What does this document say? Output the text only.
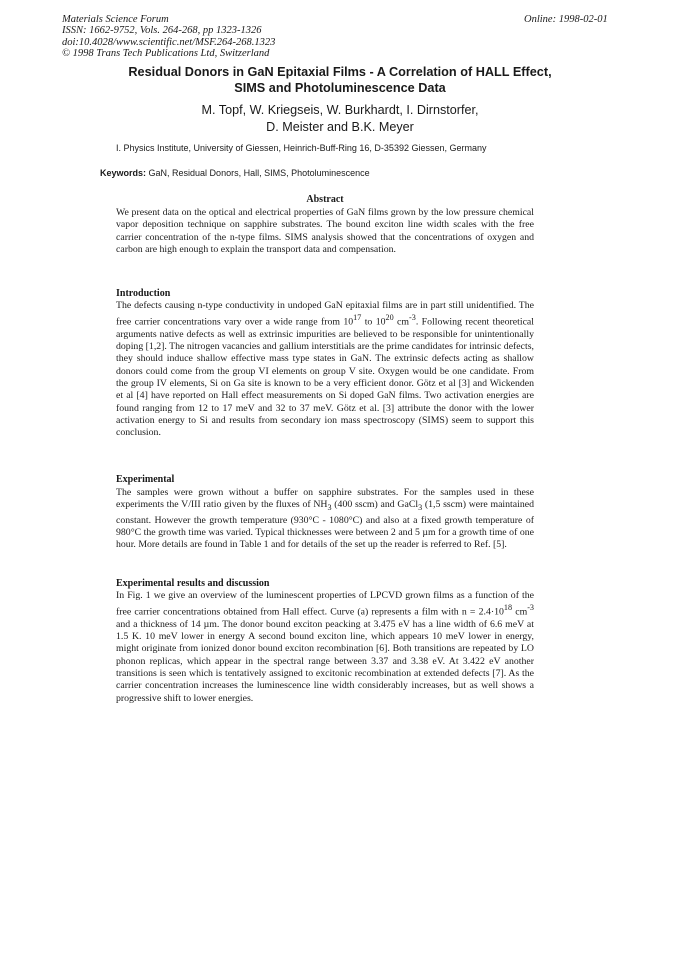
Materials Science Forum
ISSN: 1662-9752, Vols. 264-268, pp 1323-1326
doi:10.4028/www.scientific.net/MSF.264-268.1323
© 1998 Trans Tech Publications Ltd, Switzerland
Online: 1998-02-01
Residual Donors in GaN Epitaxial Films - A Correlation of HALL Effect,
SIMS and Photoluminescence Data
M. Topf, W. Kriegseis, W. Burkhardt, I. Dirnstorfer,
D. Meister and B.K. Meyer
I. Physics Institute, University of Giessen, Heinrich-Buff-Ring 16, D-35392 Giessen, Germany
Keywords: GaN, Residual Donors, Hall, SIMS, Photoluminescence
Abstract

We present data on the optical and electrical properties of GaN films grown by the low pressure chemical vapor deposition technique on sapphire substrates. The bound exciton line width scales with the free carrier concentration of the n-type films. SIMS analysis showed that the concentrations of oxygen and carbon are high enough to explain the transport data and compensation.

Introduction

The defects causing n-type conductivity in undoped GaN epitaxial films are in part still unidentified. The free carrier concentrations vary over a wide range from $10^{17}$ to $10^{20}$ $cm^{-3}$. Following recent theoretical arguments native defects as well as extrinsic impurities are believed to be responsible for unintentionally doping [1,2]. The nitrogen vacancies and gallium interstitials are the prime candidates for intrinsic defects, they should induce shallow effective mass type states in GaN. The extrinsic defects acting as shallow donors could come from the group VI elements on group V site. Oxygen would be one candidate. From the group IV elements, Si on Ga site is known to be a very efficient donor. Götz et al [3] and Wickenden et al [4] have reported on Hall effect measurements on Si doped GaN films. Two activation energies are found ranging from 12 to 17 meV and 32 to 37 meV. Götz et al. [3] attribute the donor with the lower activation energy to Si and results from secondary ion mass spectroscopy (SIMS) seem to support this conclusion.

Experimental

The samples were grown without a buffer on sapphire substrates. For the samples used in these experiments the V/III ratio given by the fluxes of $NH_3$ (400 sscm) and GaCl$_3$ (1,5 sscm) were maintained constant. However the growth temperature (930°C - 1080°C) and also at a fixed growth temperature of 980°C the growth time was varied. Typical thicknesses were between 2 and 5 µm for a growth time of one hour. More details are found in Table 1 and for details of the set up the reader is referred to Ref. [5].

Experimental results and discussion

In Fig. 1 we give an overview of the luminescent properties of LPCVD grown films as a function of the free carrier concentrations obtained from Hall effect. Curve (a) represents a film with $n = 2.4\cdot 10^{18}$ $cm^{-3}$ and a thickness of 14 µm. The donor bound exciton peacking at 3.475 eV has a line width of 6.6 meV at 1.5 K. 10 meV lower in energy A second bound exciton line, which appears 10 meV lower in energy, might originate from ionized donor bound exciton recombination [6]. Both transitions are repeated by LO phonon replicas, which appear in the spectral range between 3.37 and 3.38 eV. At 3.422 eV another transitions is seen which is tentatively assigned to excitonic recombination at extended defects [7]. As the carrier concentration increases the luminescence line width considerably increases, but as well shows a progressive shift to lower energies.
